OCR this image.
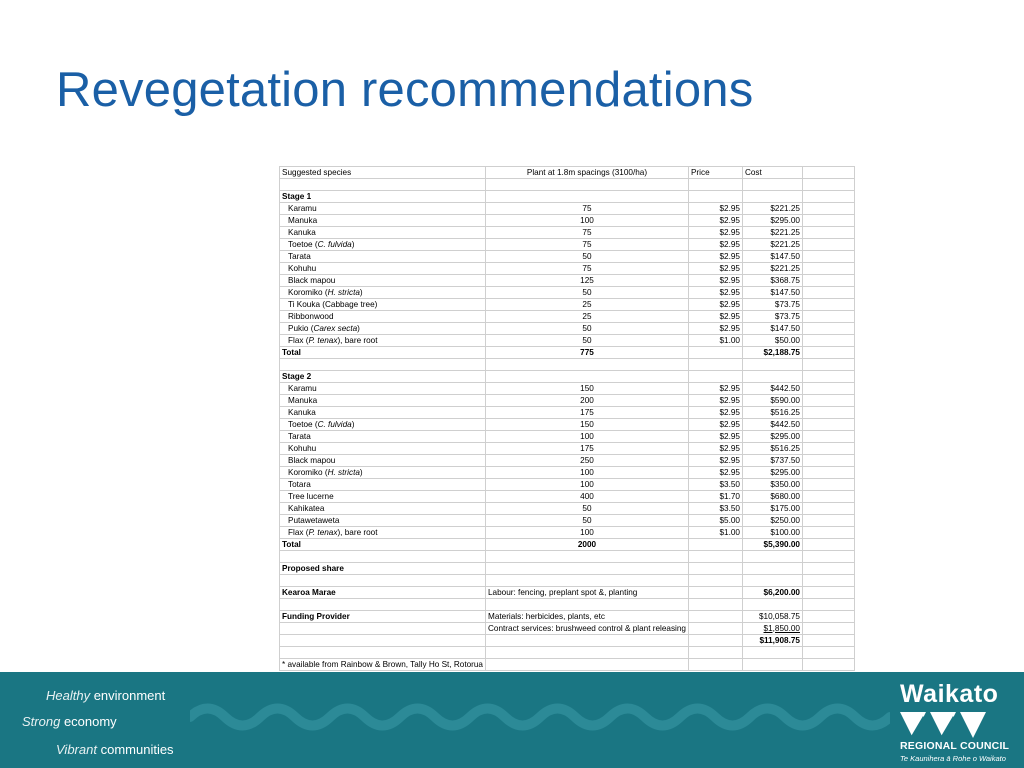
Revegetation recommendations
Suggested species	Plant at 1.8m spacings (3100/ha)	Price	Cost	

Stage 1				
Karamu	75	$2.95	$221.25	
Manuka	100	$2.95	$295.00	
Kanuka	75	$2.95	$221.25	
Toetoe (C. fulvida)	75	$2.95	$221.25	
Tarata	50	$2.95	$147.50	
Kohuhu	75	$2.95	$221.25	
Black mapou	125	$2.95	$368.75	
Koromiko (H. stricta)	50	$2.95	$147.50	
Ti Kouka (Cabbage tree)	25	$2.95	$73.75	
Ribbonwood	25	$2.95	$73.75	
Pukio (Carex secta)	50	$2.95	$147.50	
Flax (P. tenax), bare root	50	$1.00	$50.00	
Total	775		$2,188.75	

Stage 2				
Karamu	150	$2.95	$442.50	
Manuka	200	$2.95	$590.00	
Kanuka	175	$2.95	$516.25	
Toetoe (C. fulvida)	150	$2.95	$442.50	
Tarata	100	$2.95	$295.00	
Kohuhu	175	$2.95	$516.25	
Black mapou	250	$2.95	$737.50	
Koromiko (H. stricta)	100	$2.95	$295.00	
Totara	100	$3.50	$350.00	
Tree lucerne	400	$1.70	$680.00	
Kahikatea	50	$3.50	$175.00	
Putawetaweta	50	$5.00	$250.00	
Flax (P. tenax), bare root	100	$1.00	$100.00	
Total	2000		$5,390.00	

Proposed share				

Kearoa Marae	Labour: fencing, preplant spot &, planting		$6,200.00	

Funding Provider	Materials: herbicides, plants, etc		$10,058.75	
	Contract services: brushweed control & plant releasing		$1,850.00	
			$11,908.75	

* available from Rainbow & Brown, Tally Ho St, Rotorua				
Healthy environment
Strong economy
Vibrant communities
Waikato
REGIONAL COUNCIL
Te Kaunihera ā Rohe o Waikato
